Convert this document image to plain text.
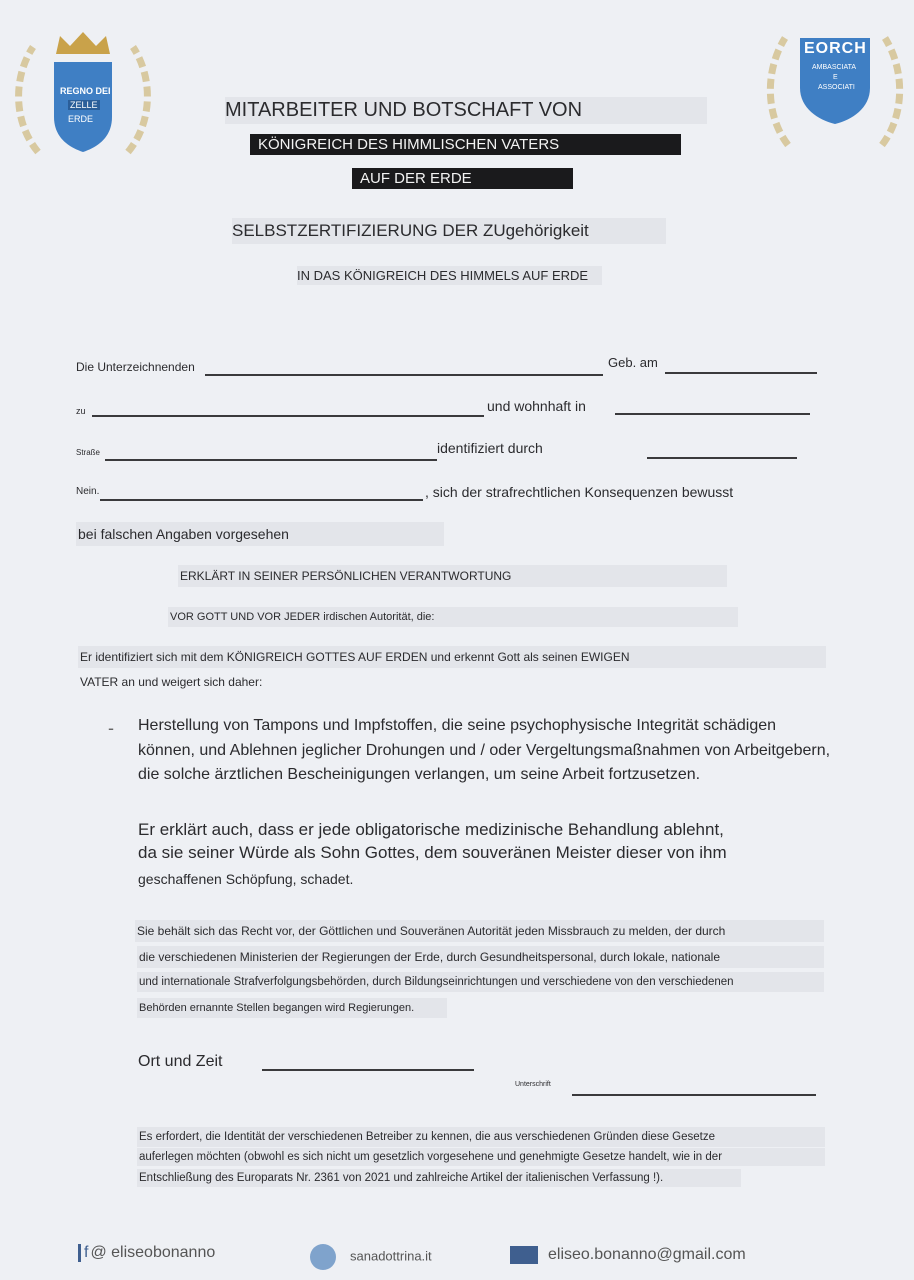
REGNO DEI
ZELLE
ERDE
EORCH
AMBASCIATA
E
ASSOCIATI
MITARBEITER UND BOTSCHAFT VON
KÖNIGREICH DES HIMMLISCHEN VATERS
AUF DER ERDE
SELBSTZERTIFIZIERUNG DER ZUgehörigkeit
IN DAS KÖNIGREICH DES HIMMELS AUF ERDE
Die Unterzeichnenden	Geb. am
zu	und wohnhaft in
Straße	identifiziert durch
Nein.	, sich der strafrechtlichen Konsequenzen bewusst
bei falschen Angaben vorgesehen
ERKLÄRT IN SEINER PERSÖNLICHEN VERANTWORTUNG
VOR GOTT UND VOR JEDER irdischen Autorität, die:
Er identifiziert sich mit dem KÖNIGREICH GOTTES AUF ERDEN und erkennt Gott als seinen EWIGEN
VATER an und weigert sich daher:
- Herstellung von Tampons und Impfstoffen, die seine psychophysische Integrität schädigen
können, und Ablehnen jeglicher Drohungen und / oder Vergeltungsmaßnahmen von Arbeitgebern,
die solche ärztlichen Bescheinigungen verlangen, um seine Arbeit fortzusetzen.
Er erklärt auch, dass er jede obligatorische medizinische Behandlung ablehnt,
da sie seiner Würde als Sohn Gottes, dem souveränen Meister dieser von ihm
geschaffenen Schöpfung, schadet.
Sie behält sich das Recht vor, der Göttlichen und Souveränen Autorität jeden Missbrauch zu melden, der durch
die verschiedenen Ministerien der Regierungen der Erde, durch Gesundheitspersonal, durch lokale, nationale
und internationale Strafverfolgungsbehörden, durch Bildungseinrichtungen und verschiedene von den verschiedenen
Behörden ernannte Stellen begangen wird Regierungen.
Ort und Zeit
Unterschrift
Es erfordert, die Identität der verschiedenen Betreiber zu kennen, die aus verschiedenen Gründen diese Gesetze
auferlegen möchten (obwohl es sich nicht um gesetzlich vorgesehene und genehmigte Gesetze handelt, wie in der
Entschließung des Europarats Nr. 2361 von 2021 und zahlreiche Artikel der italienischen Verfassung !).
f @ eliseobonanno	sanadottrina.it	eliseo.bonanno@gmail.com
